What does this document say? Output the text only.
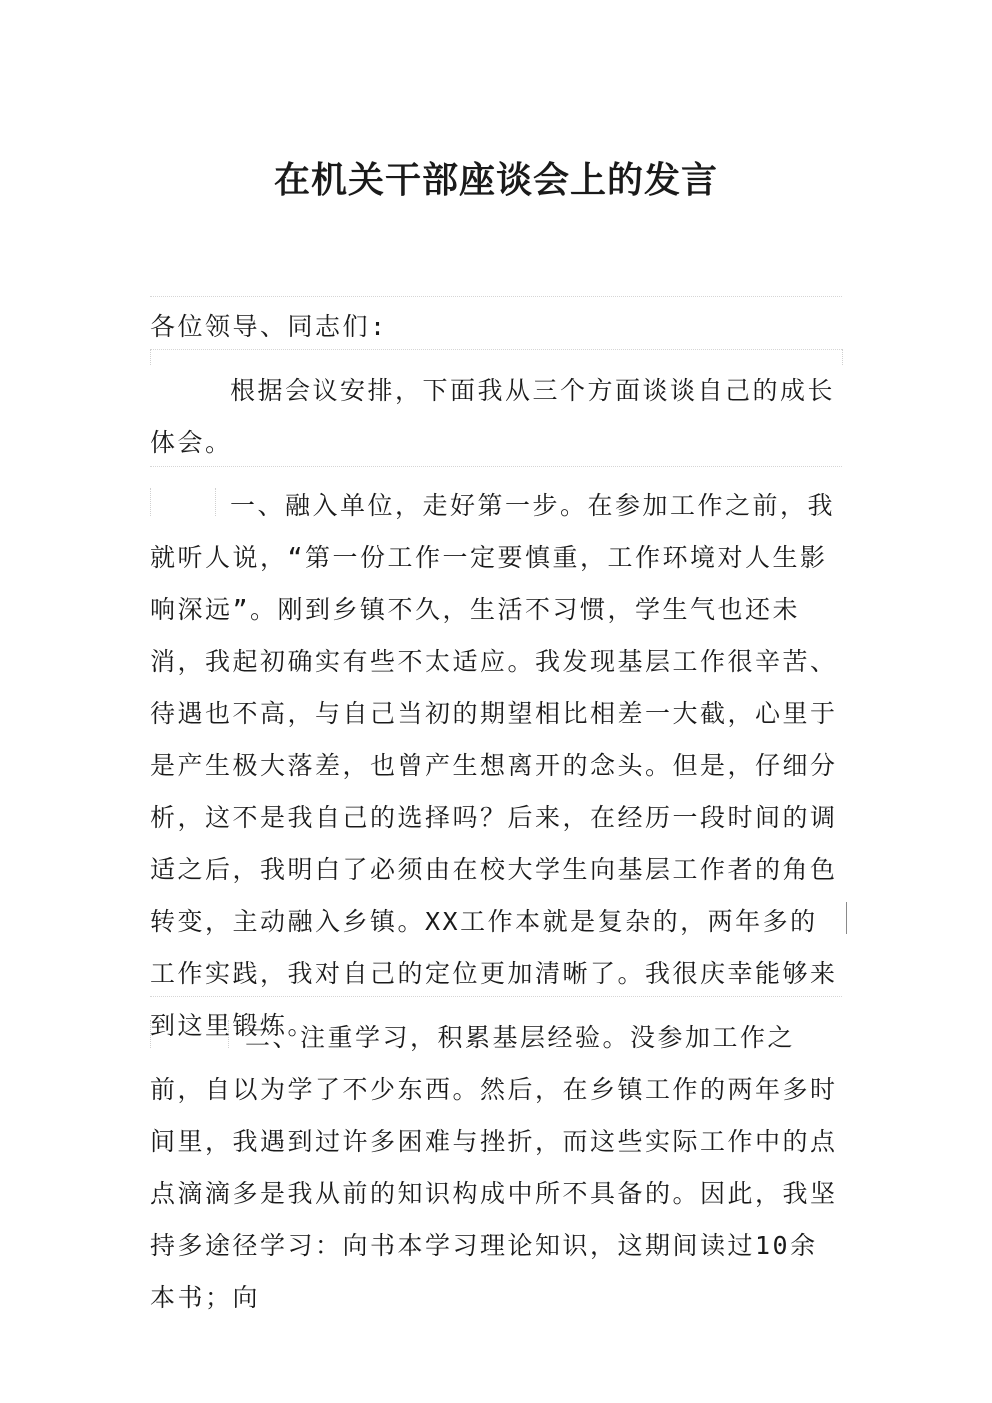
在机关干部座谈会上的发言

各位领导、同志们:

根据会议安排，下面我从三个方面谈谈自己的成长体会。

一、融入单位，走好第一步。在参加工作之前，我就听人说，“第一份工作一定要慎重，工作环境对人生影响深远”。刚到乡镇不久，生活不习惯，学生气也还未消，我起初确实有些不太适应。我发现基层工作很辛苦、待遇也不高，与自己当初的期望相比相差一大截，心里于是产生极大落差，也曾产生想离开的念头。但是，仔细分析，这不是我自己的选择吗？后来，在经历一段时间的调适之后，我明白了必须由在校大学生向基层工作者的角色转变，主动融入乡镇。XX工作本就是复杂的，两年多的工作实践，我对自己的定位更加清晰了。我很庆幸能够来到这里锻炼。

二、注重学习，积累基层经验。没参加工作之前，自以为学了不少东西。然后，在乡镇工作的两年多时间里，我遇到过许多困难与挫折，而这些实际工作中的点点滴滴多是我从前的知识构成中所不具备的。因此，我坚持多途径学习：向书本学习理论知识，这期间读过10余本书；向
